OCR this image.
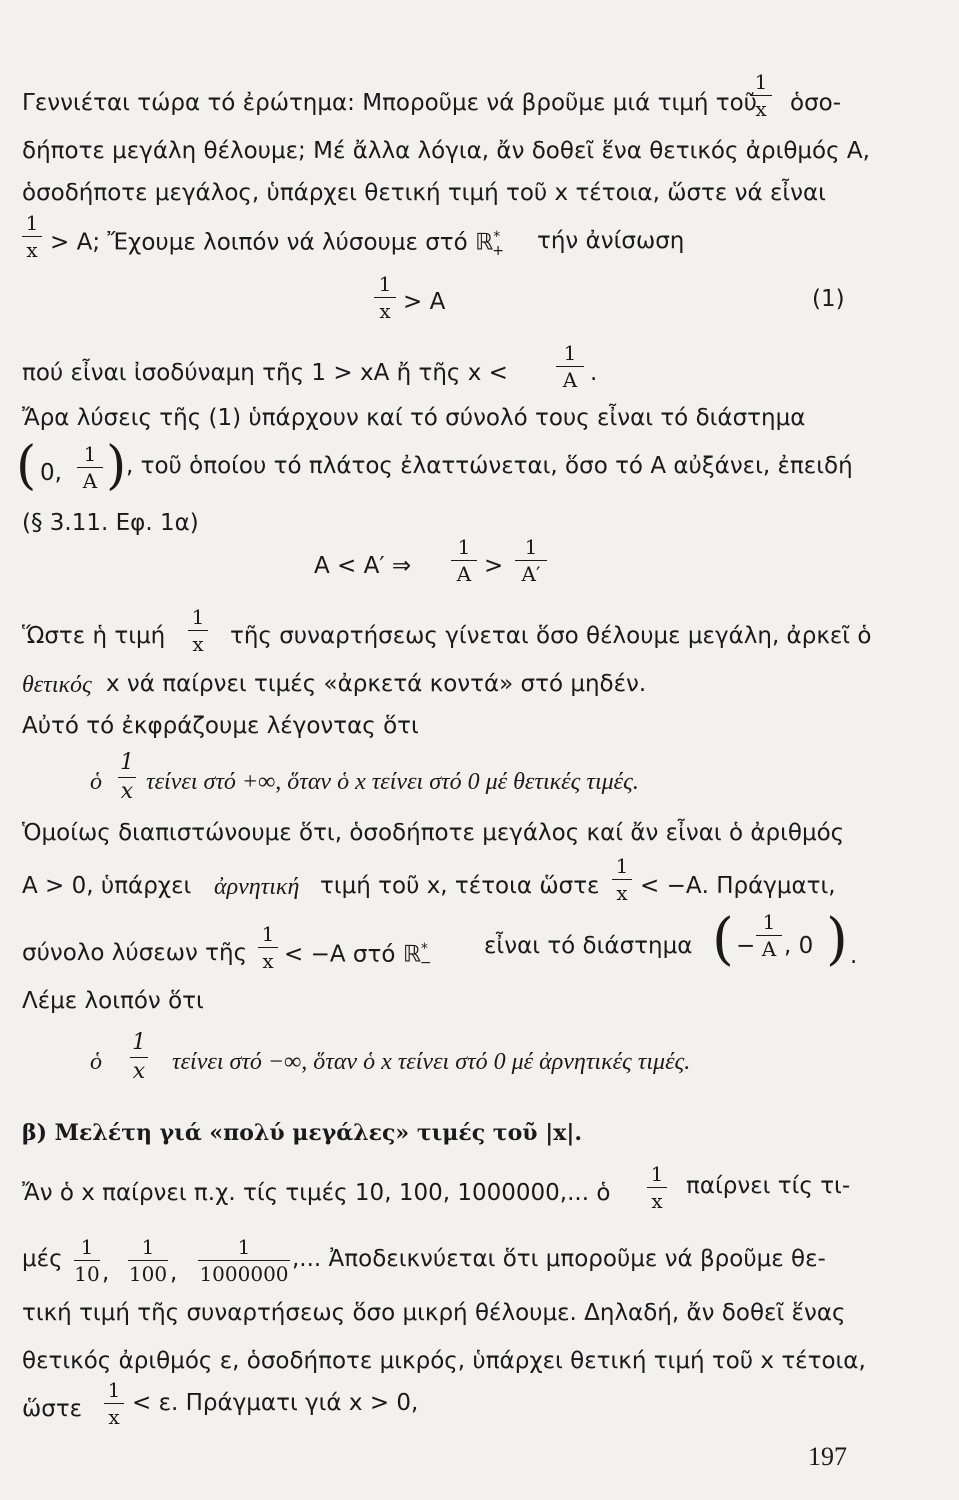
Γεννιέται τώρα τό ἐρώτημα: Μποροῦμε νά βροῦμε μιά τιμή τοῦ
1
x ὁσο-
δήποτε μεγάλη θέλουμε; Μέ ἄλλα λόγια, ἄν δοθεῖ ἕνα θετικός ἀριθμός Α,
ὁσοδήποτε μεγάλος, ὑπάρχει θετική τιμή τοῦ x τέτοια, ὥστε νά εἶναι
1
x > Α; Ἔχουμε λοιπόν νά λύσουμε στό ℝ*$_+$ τήν ἀνίσωση
1
x > Α	(1)
πού εἶναι ἰσοδύναμη τῆς 1 > xA ἤ τῆς x <
1
Α .
Ἄρα λύσεις τῆς (1) ὑπάρχουν καί τό σύνολό τους εἶναι τό διάστημα
( 0,
1
Α ) , τοῦ ὁποίου τό πλάτος ἐλαττώνεται, ὅσο τό Α αὐξάνει, ἐπειδή
(§ 3.11. Εφ. 1α)
Α < Α′ ⇒
1
Α >
1
Α′
Ὥστε ἡ τιμή
1
x τῆς συναρτήσεως γίνεται ὅσο θέλουμε μεγάλη, ἀρκεῖ ὁ
θετικός x νά παίρνει τιμές «ἀρκετά κοντά» στό μηδέν.
Αὐτό τό ἐκφράζουμε λέγοντας ὅτι
ὁ
1
x τείνει στό +∞, ὅταν ὁ x τείνει στό 0 μέ θετικές τιμές.
Ὁμοίως διαπιστώνουμε ὅτι, ὁσοδήποτε μεγάλος καί ἄν εἶναι ὁ ἀριθμός
Α > 0, ὑπάρχει ἀρνητική τιμή τοῦ x, τέτοια ὥστε
1
x < −Α. Πράγματι,
σύνολο λύσεων τῆς
1
x < −Α στό ℝ*$_-$
εἶναι τό διάστημα ( −
1
Α , 0 ) .
Λέμε λοιπόν ὅτι
ὁ
1
x τείνει στό −∞, ὅταν ὁ x τείνει στό 0 μέ ἀρνητικές τιμές.
β) Μελέτη γιά «πολύ μεγάλες» τιμές τοῦ |x|.
Ἄν ὁ x παίρνει π.χ. τίς τιμές 10, 100, 1000000,... ὁ
1
x
παίρνει τίς τι-
μές 1
10 ,
1
100 ,
1
1000000
,... Ἀποδεικνύεται ὅτι μποροῦμε νά βροῦμε θε-
τική τιμή τῆς συναρτήσεως ὅσο μικρή θέλουμε. Δηλαδή, ἄν δοθεῖ ἕνας
θετικός ἀριθμός ε, ὁσοδήποτε μικρός, ὑπάρχει θετική τιμή τοῦ x τέτοια,
ὥστε
1
x
< ε. Πράγματι γιά x > 0,
197
